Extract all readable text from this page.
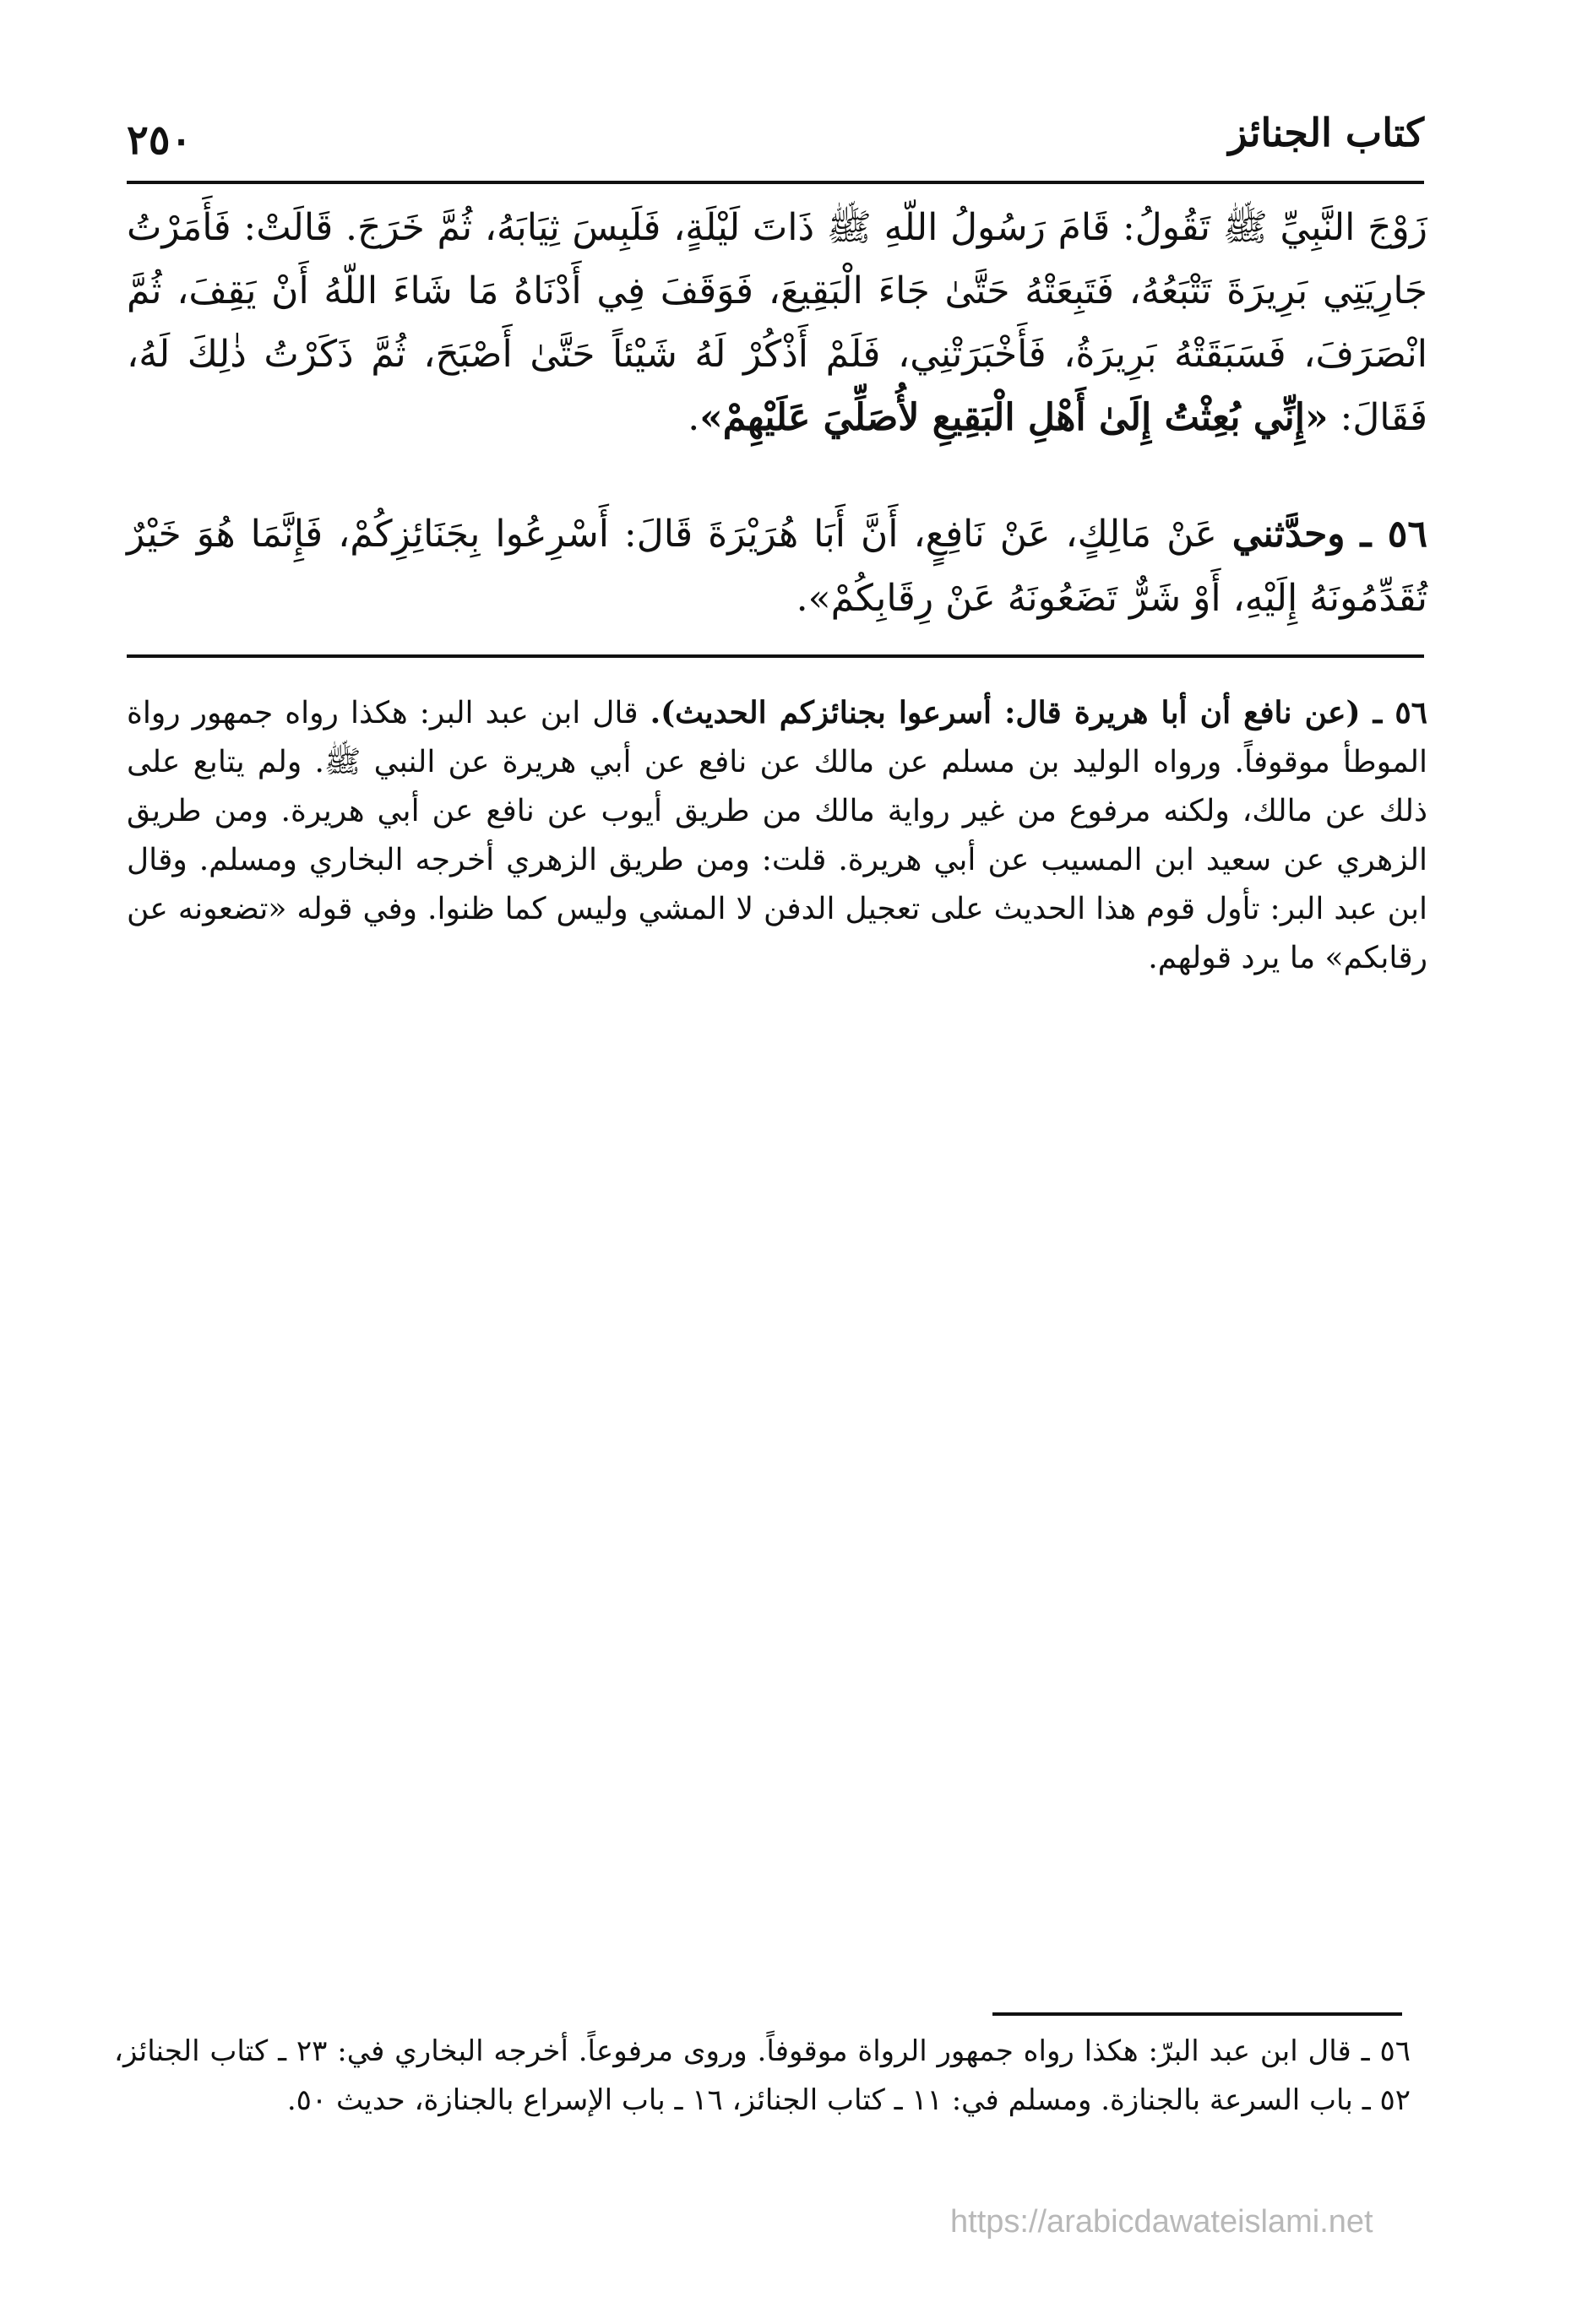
كتاب الجنائز
٢٥٠

زَوْجَ النَّبِيِّ ﷺ تَقُولُ: قَامَ رَسُولُ اللّهِ ﷺ ذَاتَ لَيْلَةٍ، فَلَبِسَ ثِيَابَهُ، ثُمَّ خَرَجَ. قَالَتْ: فَأَمَرْتُ جَارِيَتِي بَرِيرَةَ تَتْبَعُهُ، فَتَبِعَتْهُ حَتَّىٰ جَاءَ الْبَقِيعَ، فَوَقَفَ فِي أَدْنَاهُ مَا شَاءَ اللّهُ أَنْ يَقِفَ، ثُمَّ انْصَرَفَ، فَسَبَقَتْهُ بَرِيرَةُ، فَأَخْبَرَتْنِي، فَلَمْ أَذْكُرْ لَهُ شَيْئاً حَتَّىٰ أَصْبَحَ، ثُمَّ ذَكَرْتُ ذٰلِكَ لَهُ، فَقَالَ: «إِنِّي بُعِثْتُ إِلَىٰ أَهْلِ الْبَقِيعِ لأُصَلِّيَ عَلَيْهِمْ».

٥٦ ـ وحدَّثني عَنْ مَالِكٍ، عَنْ نَافِعٍ، أَنَّ أَبَا هُرَيْرَةَ قَالَ: أَسْرِعُوا بِجَنَائِزِكُمْ، فَإِنَّمَا هُوَ خَيْرٌ تُقَدِّمُونَهُ إِلَيْهِ، أَوْ شَرٌّ تَضَعُونَهُ عَنْ رِقَابِكُمْ».

٥٦ ـ (عن نافع أن أبا هريرة قال: أسرعوا بجنائزكم الحديث). قال ابن عبد البر: هكذا رواه جمهور رواة الموطأ موقوفاً. ورواه الوليد بن مسلم عن مالك عن نافع عن أبي هريرة عن النبي ﷺ. ولم يتابع على ذلك عن مالك، ولكنه مرفوع من غير رواية مالك من طريق أيوب عن نافع عن أبي هريرة. ومن طريق الزهري عن سعيد ابن المسيب عن أبي هريرة. قلت: ومن طريق الزهري أخرجه البخاري ومسلم. وقال ابن عبد البر: تأول قوم هذا الحديث على تعجيل الدفن لا المشي وليس كما ظنوا. وفي قوله «تضعونه عن رقابكم» ما يرد قولهم.

٥٦ ـ قال ابن عبد البرّ: هكذا رواه جمهور الرواة موقوفاً. وروى مرفوعاً. أخرجه البخاري في: ٢٣ ـ كتاب الجنائز، ٥٢ ـ باب السرعة بالجنازة. ومسلم في: ١١ ـ كتاب الجنائز، ١٦ ـ باب الإسراع بالجنازة، حديث ٥٠.

https://arabicdawateislami.net
